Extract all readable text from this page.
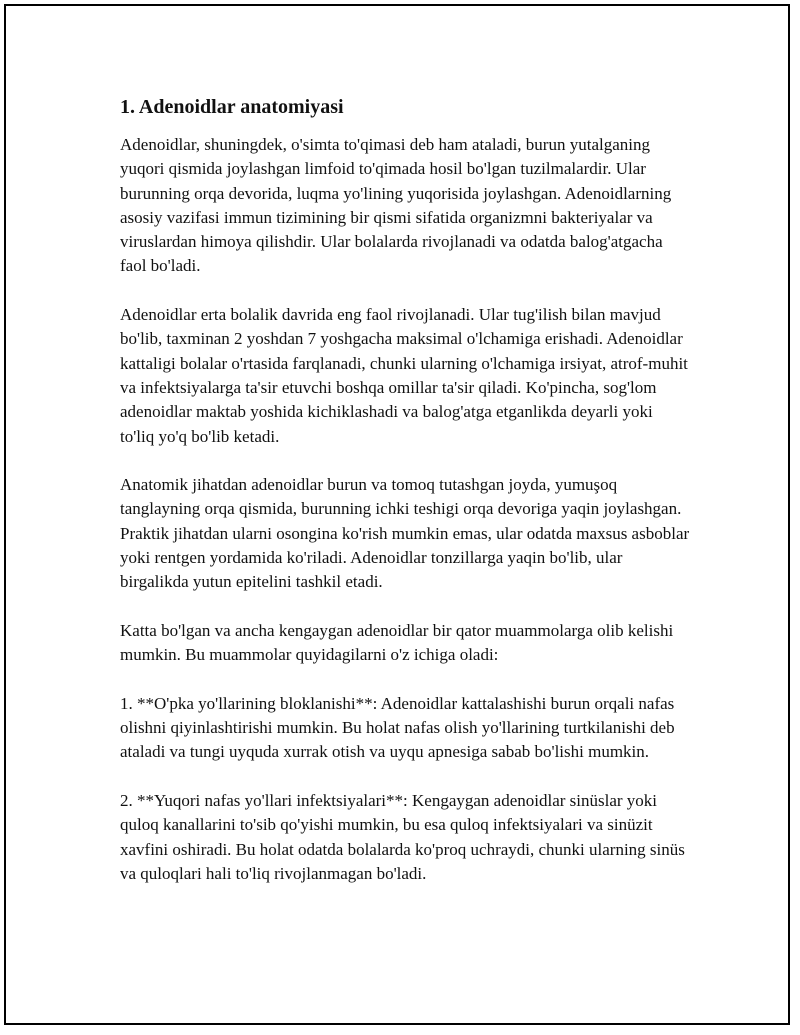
1. Adenoidlar anatomiyasi

Adenoidlar, shuningdek, o'simta to'qimasi deb ham ataladi, burun yutalganing yuqori qismida joylashgan limfoid to'qimada hosil bo'lgan tuzilmalardir. Ular burunning orqa devorida, luqma yo'lining yuqorisida joylashgan. Adenoidlarning asosiy vazifasi immun tizimining bir qismi sifatida organizmni bakteriyalar va viruslardan himoya qilishdir. Ular bolalarda rivojlanadi va odatda balog'atgacha faol bo'ladi.

Adenoidlar erta bolalik davrida eng faol rivojlanadi. Ular tug'ilish bilan mavjud bo'lib, taxminan 2 yoshdan 7 yoshgacha maksimal o'lchamiga erishadi. Adenoidlar kattaligi bolalar o'rtasida farqlanadi, chunki ularning o'lchamiga irsiyat, atrof-muhit va infektsiyalarga ta'sir etuvchi boshqa omillar ta'sir qiladi. Ko'pincha, sog'lom adenoidlar maktab yoshida kichiklashadi va balog'atga etganlikda deyarli yoki to'liq yo'q bo'lib ketadi.

Anatomik jihatdan adenoidlar burun va tomoq tutashgan joyda, yumuşoq tanglayning orqa qismida, burunning ichki teshigi orqa devoriga yaqin joylashgan. Praktik jihatdan ularni osongina ko'rish mumkin emas, ular odatda maxsus asboblar yoki rentgen yordamida ko'riladi. Adenoidlar tonzillarga yaqin bo'lib, ular birgalikda yutun epitelini tashkil etadi.

Katta bo'lgan va ancha kengaygan adenoidlar bir qator muammolarga olib kelishi mumkin. Bu muammolar quyidagilarni o'z ichiga oladi:

1. **O'pka yo'llarining bloklanishi**: Adenoidlar kattalashishi burun orqali nafas olishni qiyinlashtirishi mumkin. Bu holat nafas olish yo'llarining turtkilanishi deb ataladi va tungi uyquda xurrak otish va uyqu apnesiga sabab bo'lishi mumkin.

2. **Yuqori nafas yo'llari infektsiyalari**: Kengaygan adenoidlar sinüslar yoki quloq kanallarini to'sib qo'yishi mumkin, bu esa quloq infektsiyalari va sinüzit xavfini oshiradi. Bu holat odatda bolalarda ko'proq uchraydi, chunki ularning sinüs va quloqlari hali to'liq rivojlanmagan bo'ladi.
